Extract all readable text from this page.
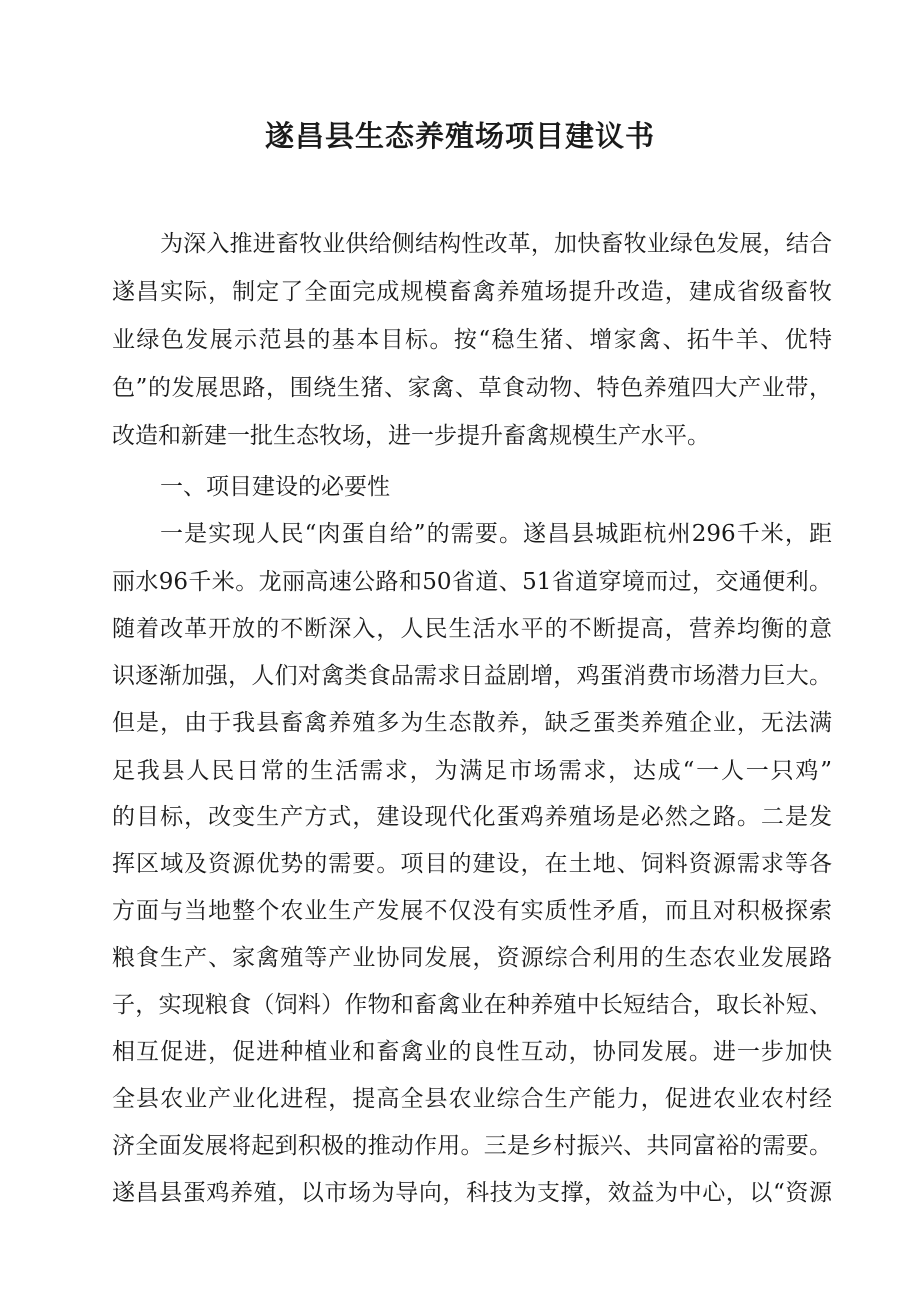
遂昌县生态养殖场项目建议书

为深入推进畜牧业供给侧结构性改革，加快畜牧业绿色发展，结合

遂昌实际，制定了全面完成规模畜禽养殖场提升改造，建成省级畜牧

业绿色发展示范县的基本目标。按“稳生猪、增家禽、拓牛羊、优特

色”的发展思路，围绕生猪、家禽、草食动物、特色养殖四大产业带，

改造和新建一批生态牧场，进一步提升畜禽规模生产水平。

一、项目建设的必要性

一是实现人民“肉蛋自给”的需要。遂昌县城距杭州296千米，距

丽水96千米。龙丽高速公路和50省道、51省道穿境而过，交通便利。

随着改革开放的不断深入，人民生活水平的不断提高，营养均衡的意

识逐渐加强，人们对禽类食品需求日益剧增，鸡蛋消费市场潜力巨大。

但是，由于我县畜禽养殖多为生态散养，缺乏蛋类养殖企业，无法满

足我县人民日常的生活需求，为满足市场需求，达成“一人一只鸡”

的目标，改变生产方式，建设现代化蛋鸡养殖场是必然之路。二是发

挥区域及资源优势的需要。项目的建设，在土地、饲料资源需求等各

方面与当地整个农业生产发展不仅没有实质性矛盾，而且对积极探索

粮食生产、家禽殖等产业协同发展，资源综合利用的生态农业发展路

子，实现粮食（饲料）作物和畜禽业在种养殖中长短结合，取长补短、

相互促进，促进种植业和畜禽业的良性互动，协同发展。进一步加快

全县农业产业化进程，提高全县农业综合生产能力，促进农业农村经

济全面发展将起到积极的推动作用。三是乡村振兴、共同富裕的需要。

遂昌县蛋鸡养殖，以市场为导向，科技为支撑，效益为中心，以“资源
